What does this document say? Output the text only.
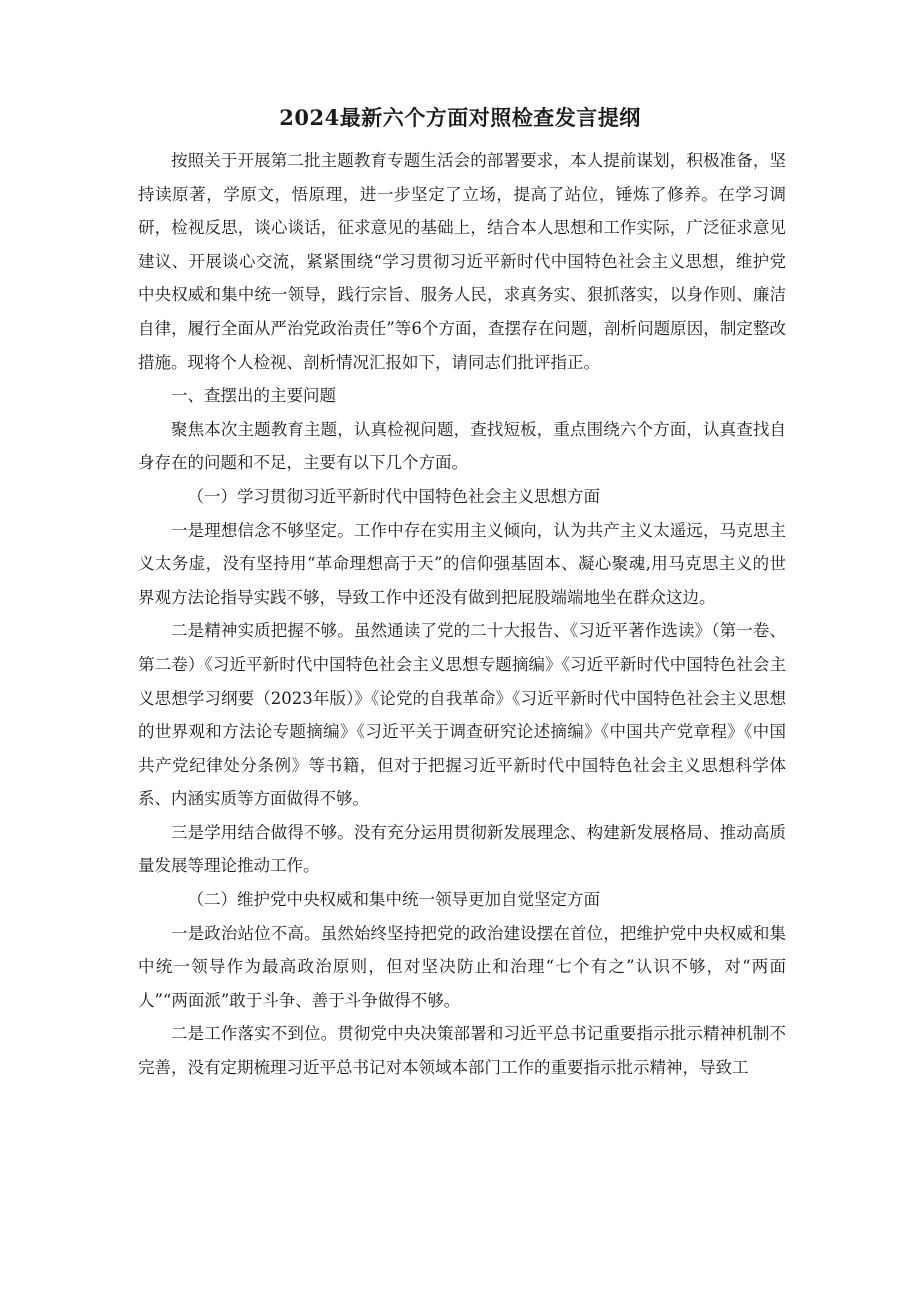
2024最新六个方面对照检查发言提纲

按照关于开展第二批主题教育专题生活会的部署要求，本人提前谋划，积极准备，坚持读原著，学原文，悟原理，进一步坚定了立场，提高了站位，锤炼了修养。在学习调研，检视反思，谈心谈话，征求意见的基础上，结合本人思想和工作实际，广泛征求意见建议、开展谈心交流，紧紧围绕“学习贯彻习近平新时代中国特色社会主义思想，维护党中央权威和集中统一领导，践行宗旨、服务人民，求真务实、狠抓落实，以身作则、廉洁自律，履行全面从严治党政治责任”等6个方面，查摆存在问题，剖析问题原因，制定整改措施。现将个人检视、剖析情况汇报如下，请同志们批评指正。

一、查摆出的主要问题

聚焦本次主题教育主题，认真检视问题，查找短板，重点围绕六个方面，认真查找自身存在的问题和不足，主要有以下几个方面。

（一）学习贯彻习近平新时代中国特色社会主义思想方面

一是理想信念不够坚定。工作中存在实用主义倾向，认为共产主义太遥远，马克思主义太务虚，没有坚持用“革命理想高于天”的信仰强基固本、凝心聚魂,用马克思主义的世界观方法论指导实践不够，导致工作中还没有做到把屁股端端地坐在群众这边。

二是精神实质把握不够。虽然通读了党的二十大报告、《习近平著作选读》（第一卷、第二卷）《习近平新时代中国特色社会主义思想专题摘编》《习近平新时代中国特色社会主义思想学习纲要（2023年版）》《论党的自我革命》《习近平新时代中国特色社会主义思想的世界观和方法论专题摘编》《习近平关于调查研究论述摘编》《中国共产党章程》《中国共产党纪律处分条例》等书籍，但对于把握习近平新时代中国特色社会主义思想科学体系、内涵实质等方面做得不够。

三是学用结合做得不够。没有充分运用贯彻新发展理念、构建新发展格局、推动高质量发展等理论推动工作。

（二）维护党中央权威和集中统一领导更加自觉坚定方面

一是政治站位不高。虽然始终坚持把党的政治建设摆在首位，把维护党中央权威和集中统一领导作为最高政治原则，但对坚决防止和治理“七个有之”认识不够，对“两面人”“两面派”敢于斗争、善于斗争做得不够。

二是工作落实不到位。贯彻党中央决策部署和习近平总书记重要指示批示精神机制不完善，没有定期梳理习近平总书记对本领域本部门工作的重要指示批示精神，导致工
